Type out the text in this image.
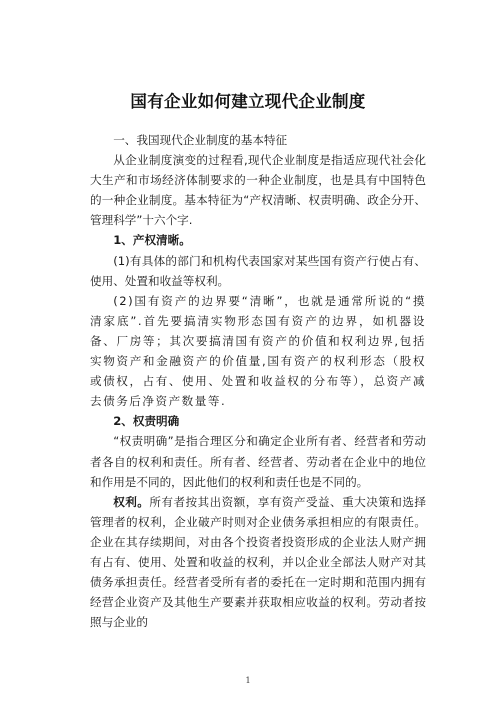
国有企业如何建立现代企业制度

一、我国现代企业制度的基本特征

从企业制度演变的过程看,现代企业制度是指适应现代社会化大生产和市场经济体制要求的一种企业制度，也是具有中国特色的一种企业制度。基本特征为“产权清晰、权责明确、政企分开、管理科学”十六个字.

1、产权清晰。

(1)有具体的部门和机构代表国家对某些国有资产行使占有、使用、处置和收益等权利。

(2)国有资产的边界要“清晰”，也就是通常所说的“摸清家底”.首先要搞清实物形态国有资产的边界，如机器设备、厂房等；其次要搞清国有资产的价值和权利边界,包括实物资产和金融资产的价值量,国有资产的权利形态（股权或债权，占有、使用、处置和收益权的分布等），总资产减去债务后净资产数量等.

2、权责明确

“权责明确”是指合理区分和确定企业所有者、经营者和劳动者各自的权利和责任。所有者、经营者、劳动者在企业中的地位和作用是不同的，因此他们的权利和责任也是不同的。

权利。所有者按其出资额，享有资产受益、重大决策和选择管理者的权利，企业破产时则对企业债务承担相应的有限责任。企业在其存续期间，对由各个投资者投资形成的企业法人财产拥有占有、使用、处置和收益的权利，并以企业全部法人财产对其债务承担责任。经营者受所有者的委托在一定时期和范围内拥有经营企业资产及其他生产要素并获取相应收益的权利。劳动者按照与企业的

1
